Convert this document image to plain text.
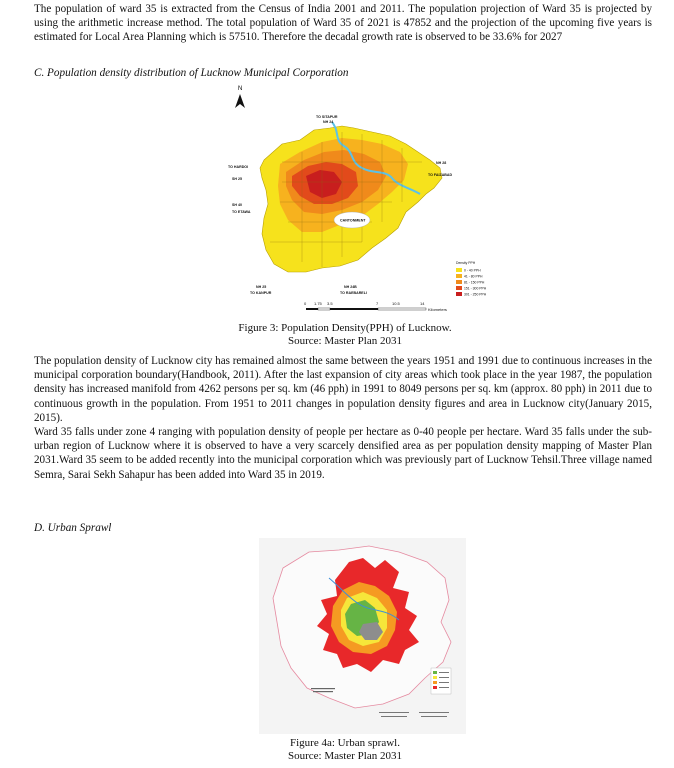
The population of ward 35 is extracted from the Census of India 2001 and 2011. The population projection of Ward 35 is projected by using the arithmetic increase method. The total population of Ward 35 of 2021 is 47852 and the projection of the upcoming five years is estimated for Local Area Planning which is 57510. Therefore the decadal growth rate is observed to be 33.6% for 2027

C. Population density distribution of Lucknow Municipal Corporation

N
CANTONMENT
TO SITAPUR
NH 24
TO HARDOI
SH 25
SH 40
TO ETAWA
NH 28
TO FAIZABAD
NH 25
TO KANPUR
NH 24B
TO RAEBARELI
0 1.75 3.5	7	10.5	14
Kilometers
Density PPH
0 - 40 PPH
41 - 80 PPH
81 - 150 PPH
151 - 300 PPH
301 - 250 PPH

Figure 3: Population Density(PPH) of Lucknow.
Source: Master Plan 2031

The population density of Lucknow city has remained almost the same between the years 1951 and 1991 due to continuous increases in the municipal corporation boundary(Handbook, 2011). After the last expansion of city areas which took place in the year 1987, the population density has increased manifold from 4262 persons per sq. km (46 pph) in 1991 to 8049 persons per sq. km (approx. 80 pph) in 2011 due to continuous growth in the population. From 1951 to 2011 changes in population density figures and area in Lucknow city(January 2015, 2015).
Ward 35 falls under zone 4 ranging with population density of people per hectare as 0-40 people per hectare. Ward 35 falls under the sub-urban region of Lucknow where it is observed to have a very scarcely densified area as per population density mapping of Master Plan 2031.Ward 35 seem to be added recently into the municipal corporation which was previously part of Lucknow Tehsil.Three village named Semra, Sarai Sekh Sahapur has been added into Ward 35 in 2019.

D. Urban Sprawl

Figure 4a: Urban sprawl.
Source: Master Plan 2031
